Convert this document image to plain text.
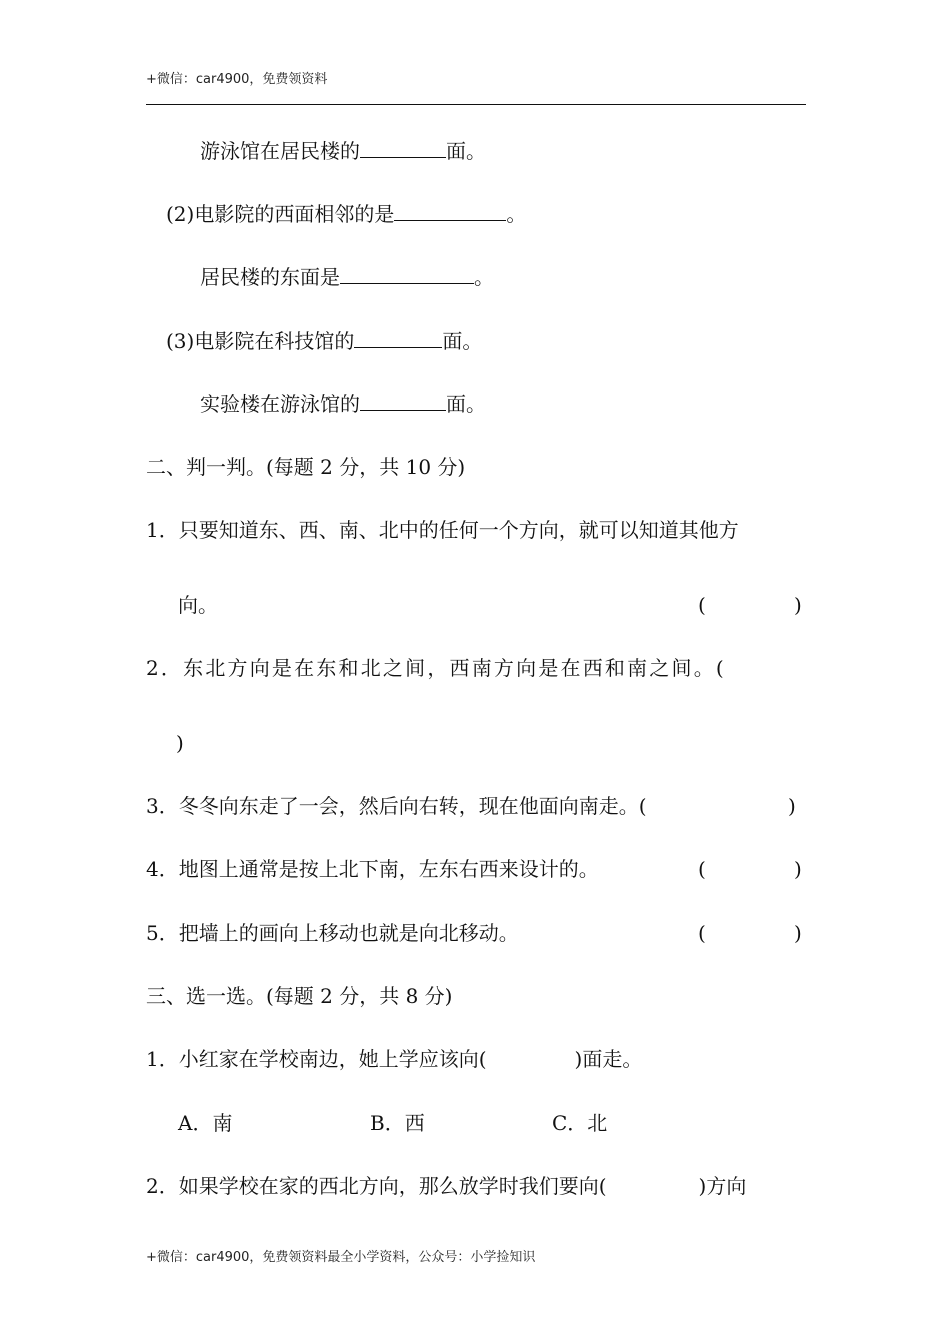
+微信：car4900，免费领资料
游泳馆在居民楼的	面。
(2)电影院的西面相邻的是	。
居民楼的东面是	。
(3)电影院在科技馆的	面。
实验楼在游泳馆的	面。
二、判一判。(每题 2 分，共 10 分)
1．只要知道东、西、南、北中的任何一个方向，就可以知道其他方
向。	(	)
2．东北方向是在东和北之间，西南方向是在西和南之间。(
)
3．冬冬向东走了一会，然后向右转，现在他面向南走。(	)
4．地图上通常是按上北下南，左东右西来设计的。	(	)
5．把墙上的画向上移动也就是向北移动。	(	)
三、选一选。(每题 2 分，共 8 分)
1．小红家在学校南边，她上学应该向(	)面走。
A．南	B．西	C．北
2．如果学校在家的西北方向，那么放学时我们要向(	)方向
+微信：car4900，免费领资料最全小学资料，公众号：小学捡知识
